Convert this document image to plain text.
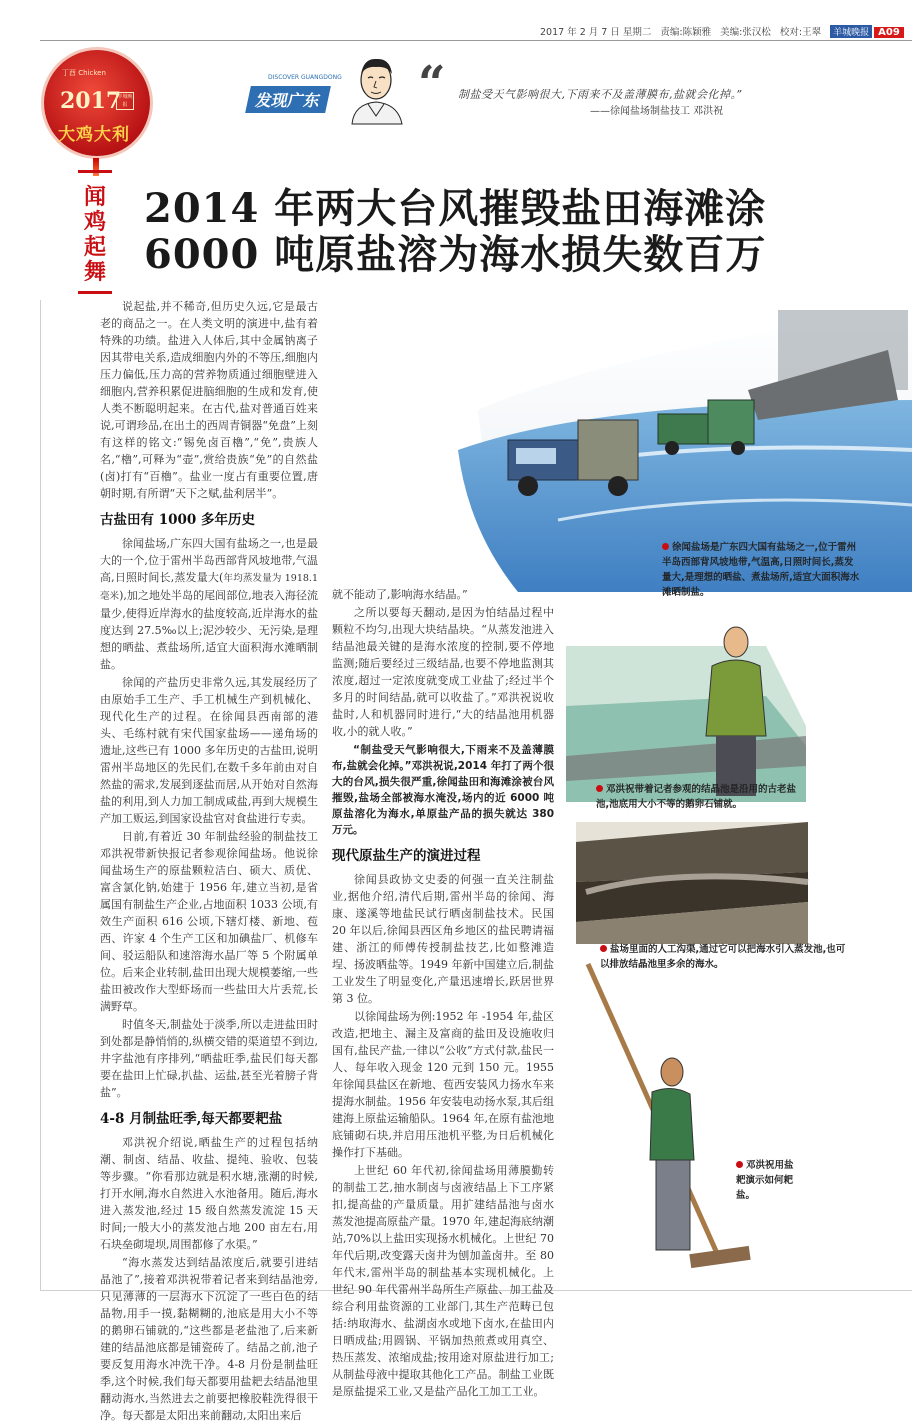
2017 年 2 月 7 日 星期二 责编:陈颖雅 美编:张汉松 校对:王翠 羊城晚报 A09
丁酉 Chicken
2017
羊城晚报
大鸡大利
闻鸡起舞
DISCOVER GUANGDONG
发现广东 “ 制盐受天气影响很大,下雨来不及盖薄膜布,盐就会化掉。”
——徐闻盐场制盐技工 邓洪祝
2014 年两大台风摧毁盐田海滩涂
6000 吨原盐溶为海水损失数百万

说起盐,并不稀奇,但历史久远,它是最古老的商品之一。在人类文明的演进中,盐有着特殊的功绩。盐进入人体后,其中金属钠离子因其带电关系,造成细胞内外的不等压,细胞内压力偏低,压力高的营养物质通过细胞壁进入细胞内,营养积累促进脑细胞的生成和发育,使人类不断聪明起来。在古代,盐对普通百姓来说,可谓珍品,在出土的西周青铜器“免盘”上刻有这样的铭文:“锡免卤百櫓”,“免”,贵族人名,“櫓”,可释为“壶”,赏给贵族“免”的自然盐(卤)打有“百櫓”。盐业一度占有重要位置,唐朝时期,有所谓“天下之赋,盐利居半”。

古盐田有 1000 多年历史

徐闻盐场,广东四大国有盐场之一,也是最大的一个,位于雷州半岛西部背风坡地带,气温高,日照时间长,蒸发量大(年均蒸发量为 1918.1 毫米),加之地处半岛的尾闾部位,地表入海径流量少,使得近岸海水的盐度较高,近岸海水的盐度达到 27.5‰以上;泥沙较少、无污染,是理想的晒盐、煮盐场所,适宜大面积海水滩晒制盐。

徐闻的产盐历史非常久远,其发展经历了由原始手工生产、手工机械生产到机械化、现代化生产的过程。在徐闻县西南部的港头、毛练村就有宋代国家盐场——递角场的遗址,这些已有 1000 多年历史的古盐田,说明雷州半岛地区的先民们,在数千多年前由对自然盐的需求,发展到逐盐而居,从开始对自然海盐的利用,到人力加工制成咸盐,再到大规模生产加工贩运,到国家设盐官对食盐进行专卖。

日前,有着近 30 年制盐经验的制盐技工邓洪祝带新快报记者参观徐闻盐场。他说徐闻盐场生产的原盐颗粒洁白、硕大、质优、富含氯化钠,始建于 1956 年,建立当初,是省属国有制盐生产企业,占地面积 1033 公顷,有效生产面积 616 公顷,下辖灯楼、新地、苞西、许家 4 个生产工区和加碘盐厂、机修车间、驳运船队和速溶海水晶厂等 5 个附属单位。后来企业转制,盐田出现大规模萎缩,一些盐田被改作大型虾场而一些盐田大片丢荒,长满野草。

时值冬天,制盐处于淡季,所以走进盐田时到处都是静悄悄的,纵横交错的渠道望不到边,井字盐池有序排列,“晒盐旺季,盐民们每天都要在盐田上忙碌,扒盐、运盐,甚至光着膀子背盐”。

4-8 月制盐旺季,每天都要耙盐

邓洪祝介绍说,晒盐生产的过程包括纳潮、制卤、结晶、收盐、提纯、验收、包装等步骤。“你看那边就是积水塘,涨潮的时候,打开水闸,海水自然进入水池备用。随后,海水进入蒸发池,经过 15 级自然蒸发流淀 15 天时间;一般大小的蒸发池占地 200 亩左右,用石块垒砌堤坝,周围都修了水渠。”

“海水蒸发达到结晶浓度后,就要引进结晶池了”,接着邓洪祝带着记者来到结晶池旁,只见薄薄的一层海水下沉淀了一些白色的结晶物,用手一摸,黏糊糊的,池底是用大小不等的鹅卵石铺就的,“这些都是老盐池了,后来新建的结晶池底都是铺瓷砖了。结晶之前,池子要反复用海水冲洗干净。4-8 月份是制盐旺季,这个时候,我们每天都要用盐耙去结晶池里翻动海水,当然进去之前要把橡胶鞋洗得很干净。每天都是太阳出来前翻动,太阳出来后

就不能动了,影响海水结晶。”

之所以要每天翻动,是因为怕结晶过程中颗粒不均匀,出现大块结晶块。“从蒸发池进入结晶池最关键的是海水浓度的控制,要不停地监测;随后要经过三级结晶,也要不停地监测其浓度,超过一定浓度就变成工业盐了;经过半个多月的时间结晶,就可以收盐了。”邓洪祝说收盐时,人和机器同时进行,“大的结晶池用机器收,小的就人收。”

“制盐受天气影响很大,下雨来不及盖薄膜布,盐就会化掉。”邓洪祝说,2014 年打了两个很大的台风,损失很严重,徐闻盐田和海滩涂被台风摧毁,盐场全部被海水淹没,场内的近 6000 吨原盐溶化为海水,单原盐产品的损失就达 380 万元。

现代原盐生产的演进过程

徐闻县政协文史委的何强一直关注制盐业,据他介绍,清代后期,雷州半岛的徐闻、海康、遂溪等地盐民试行晒卤制盐技术。民国 20 年以后,徐闻县西区角乡地区的盐民聘请福建、浙江的师傅传授制盐技艺,比如整滩造埕、扬波晒盐等。1949 年新中国建立后,制盐工业发生了明显变化,产量迅速增长,跃居世界第 3 位。

以徐闻盐场为例:1952 年 -1954 年,盐区改造,把地主、漏主及富商的盐田及设施收归国有,盐民产盐,一律以“公收”方式付款,盐民一人、每年收入现金 120 元到 150 元。1955 年徐闻县盐区在新地、苞西安装风力扬水车来提海水制盐。1956 年安装电动扬水泵,其后组建海上原盐运输船队。1964 年,在原有盐池地底铺砌石块,并启用压池机平整,为日后机械化操作打下基础。

上世纪 60 年代初,徐闻盐场用薄膜勤转的制盐工艺,抽水制卤与卤液结晶上下工序紧扣,提高盐的产量质量。用扩建结晶池与卤水蒸发池提高原盐产量。1970 年,建起海底纳潮站,70%以上盐田实现扬水机械化。上世纪 70 年代后期,改变露天卤井为刨加盖卤井。至 80 年代末,雷州半岛的制盐基本实现机械化。上世纪 90 年代雷州半岛所生产原盐、加工盐及综合利用盐资源的工业部门,其生产范畴已包括:纳取海水、盐湖卤水或地下卤水,在盐田内日晒成盐;用圆锅、平锅加热煎煮或用真空、热压蒸发、浓缩成盐;按用途对原盐进行加工;从制盐母液中提取其他化工产品。制盐工业既是原盐提采工业,又是盐产品化工加工工业。

徐闻盐场是广东四大国有盐场之一,位于雷州半岛西部背风坡地带,气温高,日照时间长,蒸发量大,是理想的晒盐、煮盐场所,适宜大面积海水滩晒制盐。
邓洪祝带着记者参观的结晶池是沿用的古老盐池,池底用大小不等的鹅卵石铺就。
盐场里面的人工沟渠,通过它可以把海水引入蒸发池,也可以排放结晶池里多余的海水。
邓洪祝用盐耙演示如何耙盐。
